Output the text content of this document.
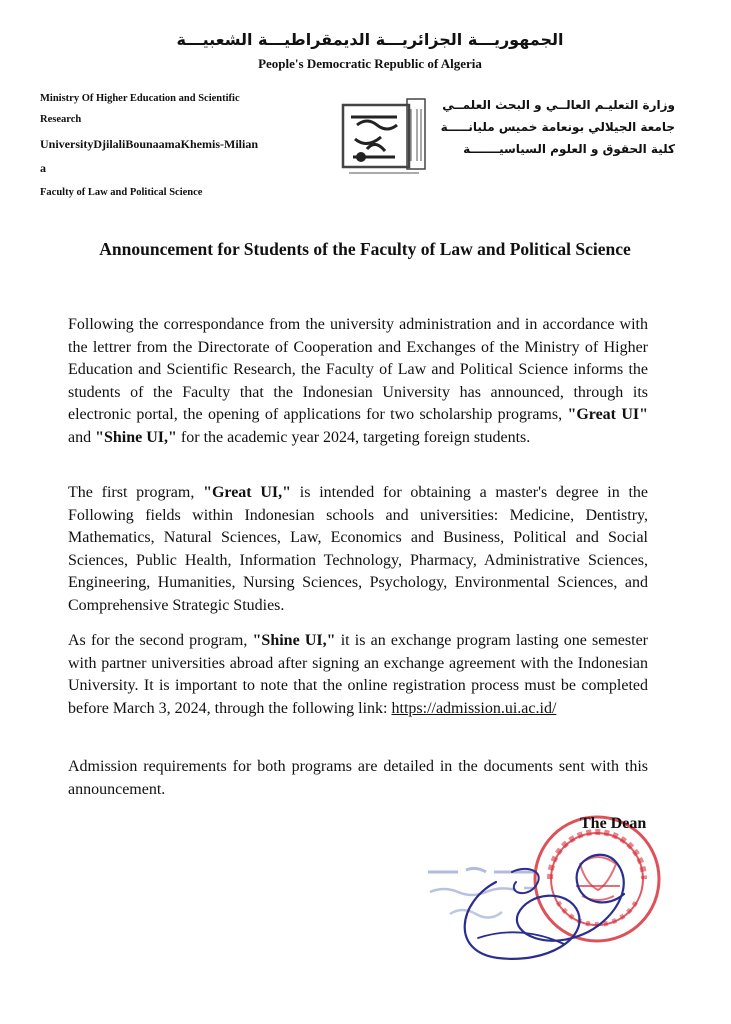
الجمهوريـــة الجزائريـــة الديمقراطيـــة الشعبيـــة
People's Democratic Republic of Algeria
Ministry Of Higher Education and Scientific Research
UniversityDjilaliBounaamaKhemis-Miliana
Faculty of Law and Political Science
وزارة التعليـم العالــي و البحث العلمــي
جامعة الجيلالي بونعامة خميس مليانـــــة
كلية الحقوق و العلوم السياسيـــــــة
Announcement for Students of the Faculty of Law and Political Science
Following the correspondance from the university administration and in accordance with the lettrer from the Directorate of Cooperation and Exchanges of the Ministry of Higher Education and Scientific Research, the Faculty of Law and Political Science informs the students of the Faculty that the Indonesian University has announced, through its electronic portal, the opening of applications for two scholarship programs, "Great UI" and "Shine UI," for the academic year 2024, targeting foreign students.
The first program, "Great UI," is intended for obtaining a master's degree in the Following fields within Indonesian schools and universities: Medicine, Dentistry, Mathematics, Natural Sciences, Law, Economics and Business, Political and Social Sciences, Public Health, Information Technology, Pharmacy, Administrative Sciences, Engineering, Humanities, Nursing Sciences, Psychology, Environmental Sciences, and Comprehensive Strategic Studies.
As for the second program, "Shine UI," it is an exchange program lasting one semester with partner universities abroad after signing an exchange agreement with the Indonesian University. It is important to note that the online registration process must be completed before March 3, 2024, through the following link: https://admission.ui.ac.id/
Admission requirements for both programs are detailed in the documents sent with this announcement.
The Dean
